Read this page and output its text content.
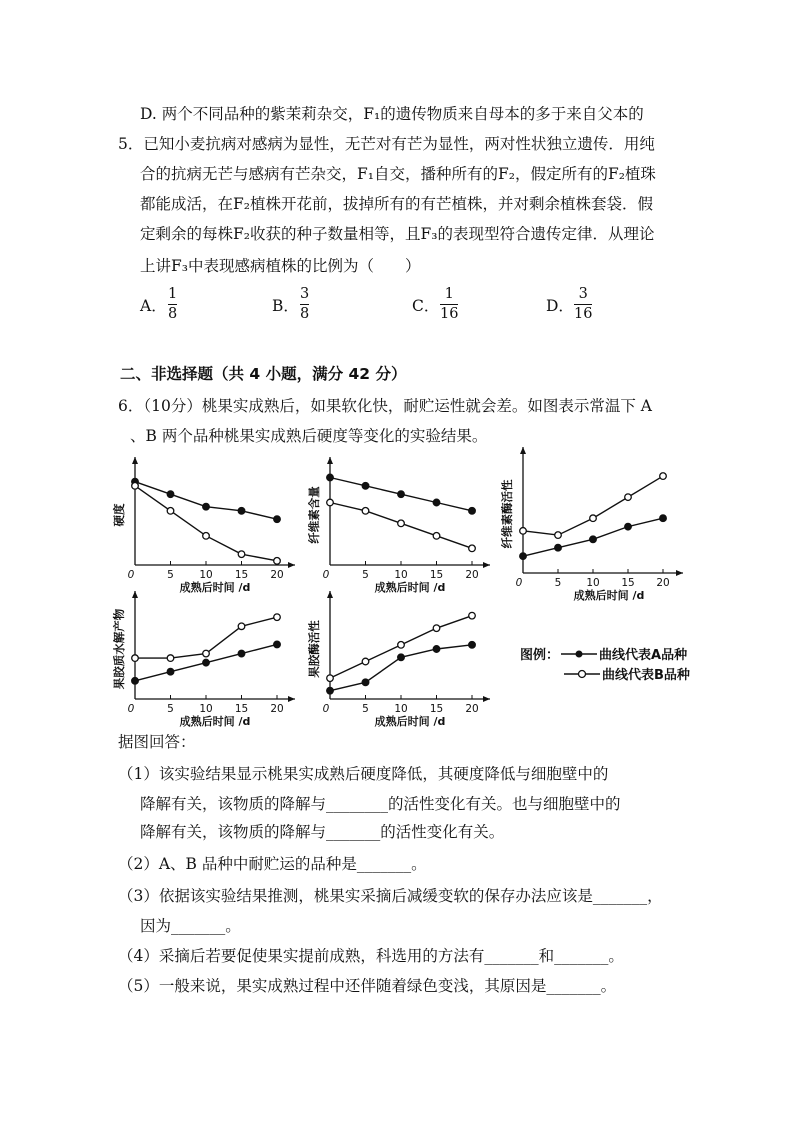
D. 两个不同品种的紫茉莉杂交，F₁的遗传物质来自母本的多于来自父本的
5．已知小麦抗病对感病为显性，无芒对有芒为显性，两对性状独立遗传．用纯
合的抗病无芒与感病有芒杂交，F₁自交，播种所有的F₂，假定所有的F₂植珠
都能成活，在F₂植株开花前，拔掉所有的有芒植株，并对剩余植株套袋．假
定剩余的每株F₂收获的种子数量相等，且F₃的表现型符合遗传定律．从理论
上讲F₃中表现感病植株的比例为（　　）
A．
1
8	B．
3
8	C．
1
16	D．
3
16
二、非选择题（共 4 小题，满分 42 分）
6．（10分）桃果实成熟后，如果软化快，耐贮运性就会差。如图表示常温下 A
、B 两个品种桃果实成熟后硬度等变化的实验结果。
0	5 10 15 20
成熟后时间 /d
硬度
0	5 10 15 20
成熟后时间 /d
纤维素含量
0	5 10 15 20
成熟后时间 /d
纤维素酶活性
0	5 10 15 20
成熟后时间 /d
果胶质水解产物
0	5 10 15 20
成熟后时间 /d
果胶酶活性	图例：	曲线代表A品种
曲线代表B品种
据图回答：
（1）该实验结果显示桃果实成熟后硬度降低，其硬度降低与细胞壁中的
降解有关，该物质的降解与________的活性变化有关。也与细胞壁中的
降解有关，该物质的降解与_______的活性变化有关。
（2）A、B 品种中耐贮运的品种是_______。
（3）依据该实验结果推测，桃果实采摘后减缓变软的保存办法应该是_______，
因为_______。
（4）采摘后若要促使果实提前成熟，科选用的方法有_______和_______。
（5）一般来说，果实成熟过程中还伴随着绿色变浅，其原因是_______。
